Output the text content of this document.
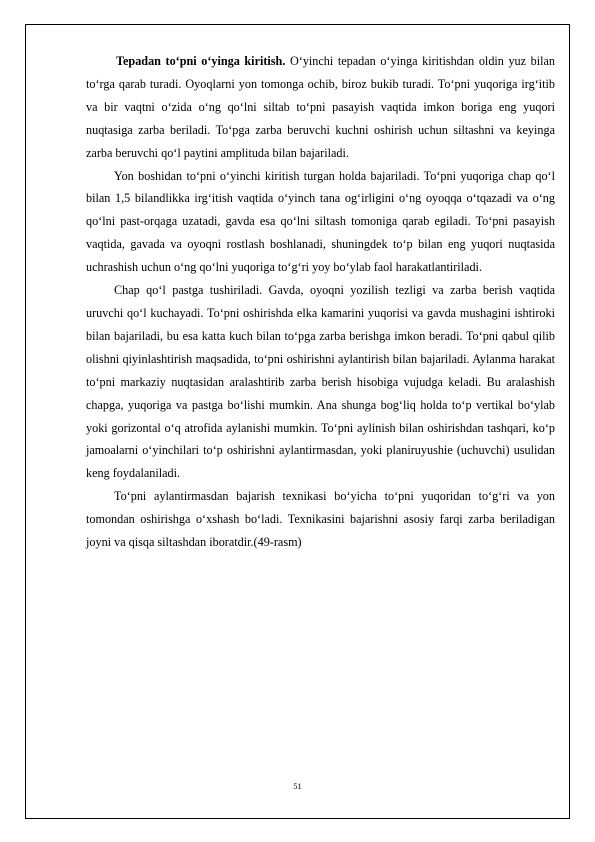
Tepadan to‘pni o‘yinga kiritish. O‘yinchi tepadan o‘yinga kiritishdan oldin yuz bilan to‘rga qarab turadi. Oyoqlarni yon tomonga ochib, biroz bukib turadi. To‘pni yuqoriga irg‘itib va bir vaqtni o‘zida o‘ng qo‘lni siltab to‘pni pasayish vaqtida imkon boriga eng yuqori nuqtasiga zarba beriladi. To‘pga zarba beruvchi kuchni oshirish uchun siltashni va keyinga zarba beruvchi qo‘l paytini amplituda bilan bajariladi.

Yon boshidan to‘pni o‘yinchi kiritish turgan holda bajariladi. To‘pni yuqoriga chap qo‘l bilan 1,5 bilandlikka irg‘itish vaqtida o‘yinch tana og‘irligini o‘ng oyoqqa o‘tqazadi va o‘ng qo‘lni past-orqaga uzatadi, gavda esa qo‘lni siltash tomoniga qarab egiladi. To‘pni pasayish vaqtida, gavada va oyoqni rostlash boshlanadi, shuningdek to‘p bilan eng yuqori nuqtasida uchrashish uchun o‘ng qo‘lni yuqoriga to‘g‘ri yoy bo‘ylab faol harakatlantiriladi.

Chap qo‘l pastga tushiriladi. Gavda, oyoqni yozilish tezligi va zarba berish vaqtida uruvchi qo‘l kuchayadi. To‘pni oshirishda elka kamarini yuqorisi va gavda mushagini ishtiroki bilan bajariladi, bu esa katta kuch bilan to‘pga zarba berishga imkon beradi. To‘pni qabul qilib olishni qiyinlashtirish maqsadida, to‘pni oshirishni aylantirish bilan bajariladi. Aylanma harakat to‘pni markaziy nuqtasidan aralashtirib zarba berish hisobiga vujudga keladi. Bu aralashish chapga, yuqoriga va pastga bo‘lishi mumkin. Ana shunga bog‘liq holda to‘p vertikal bo‘ylab yoki gorizontal o‘q atrofida aylanishi mumkin. To‘pni aylinish bilan oshirishdan tashqari, ko‘p jamoalarni o‘yinchilari to‘p oshirishni aylantirmasdan, yoki planiruyushie (uchuvchi) usulidan keng foydalaniladi.

To‘pni aylantirmasdan bajarish texnikasi bo‘yicha to‘pni yuqoridan to‘g‘ri va yon tomondan oshirishga o‘xshash bo‘ladi. Texnikasini bajarishni asosiy farqi zarba beriladigan joyni va qisqa siltashdan iboratdir.(49-rasm)

51
